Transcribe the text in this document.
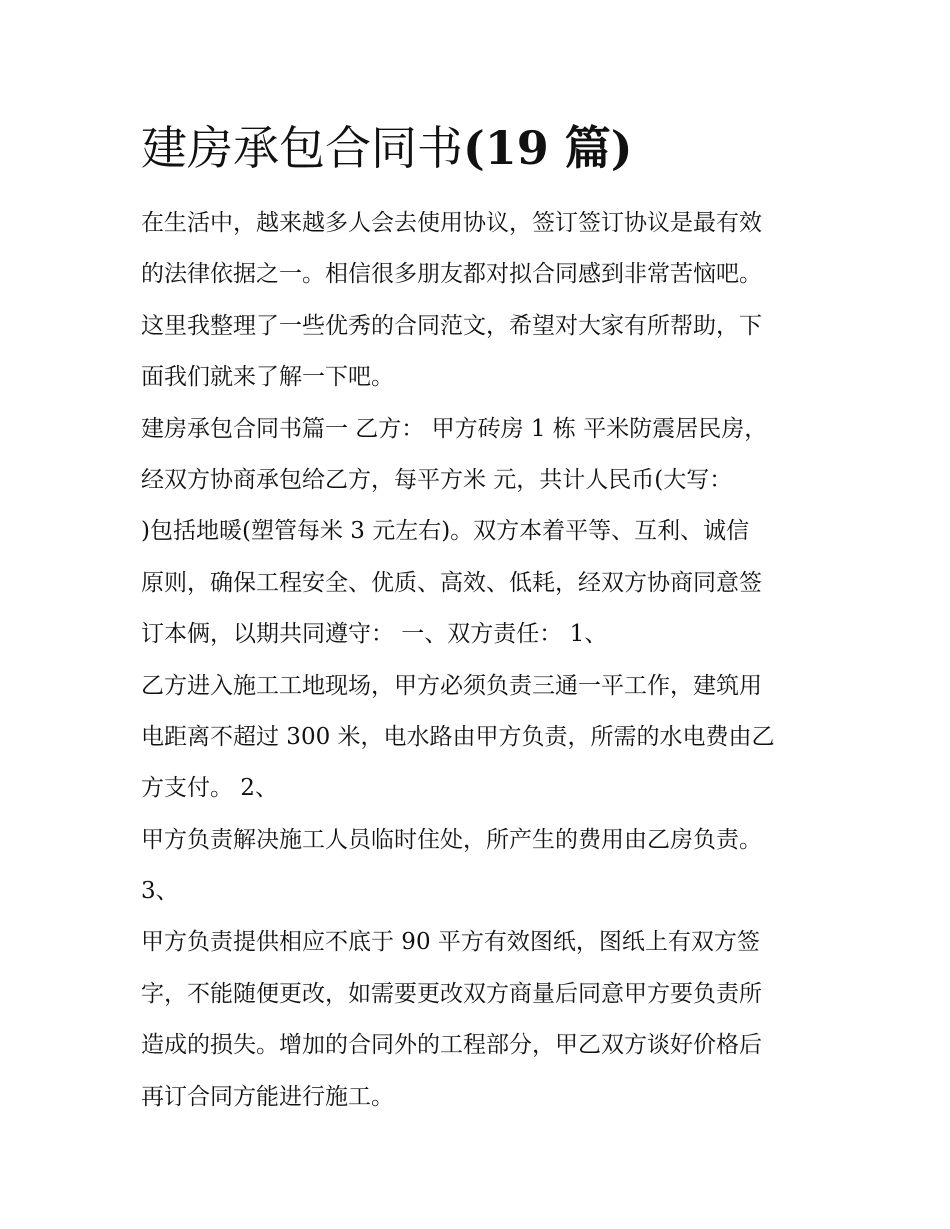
建房承包合同书(19 篇)
在生活中，越来越多人会去使用协议，签订签订协议是最有效
的法律依据之一。相信很多朋友都对拟合同感到非常苦恼吧。
这里我整理了一些优秀的合同范文，希望对大家有所帮助，下
面我们就来了解一下吧。
建房承包合同书篇一 乙方： 甲方砖房 1 栋 平米防震居民房，
经双方协商承包给乙方，每平方米 元，共计人民币(大写：
)包括地暖(塑管每米 3 元左右)。双方本着平等、互利、诚信
原则，确保工程安全、优质、高效、低耗，经双方协商同意签
订本俩，以期共同遵守： 一、双方责任： 1、
乙方进入施工工地现场，甲方必须负责三通一平工作，建筑用
电距离不超过 300 米，电水路由甲方负责，所需的水电费由乙
方支付。 2、
甲方负责解决施工人员临时住处，所产生的费用由乙房负责。
3、
甲方负责提供相应不底于 90 平方有效图纸，图纸上有双方签
字，不能随便更改，如需要更改双方商量后同意甲方要负责所
造成的损失。增加的合同外的工程部分，甲乙双方谈好价格后
再订合同方能进行施工。
